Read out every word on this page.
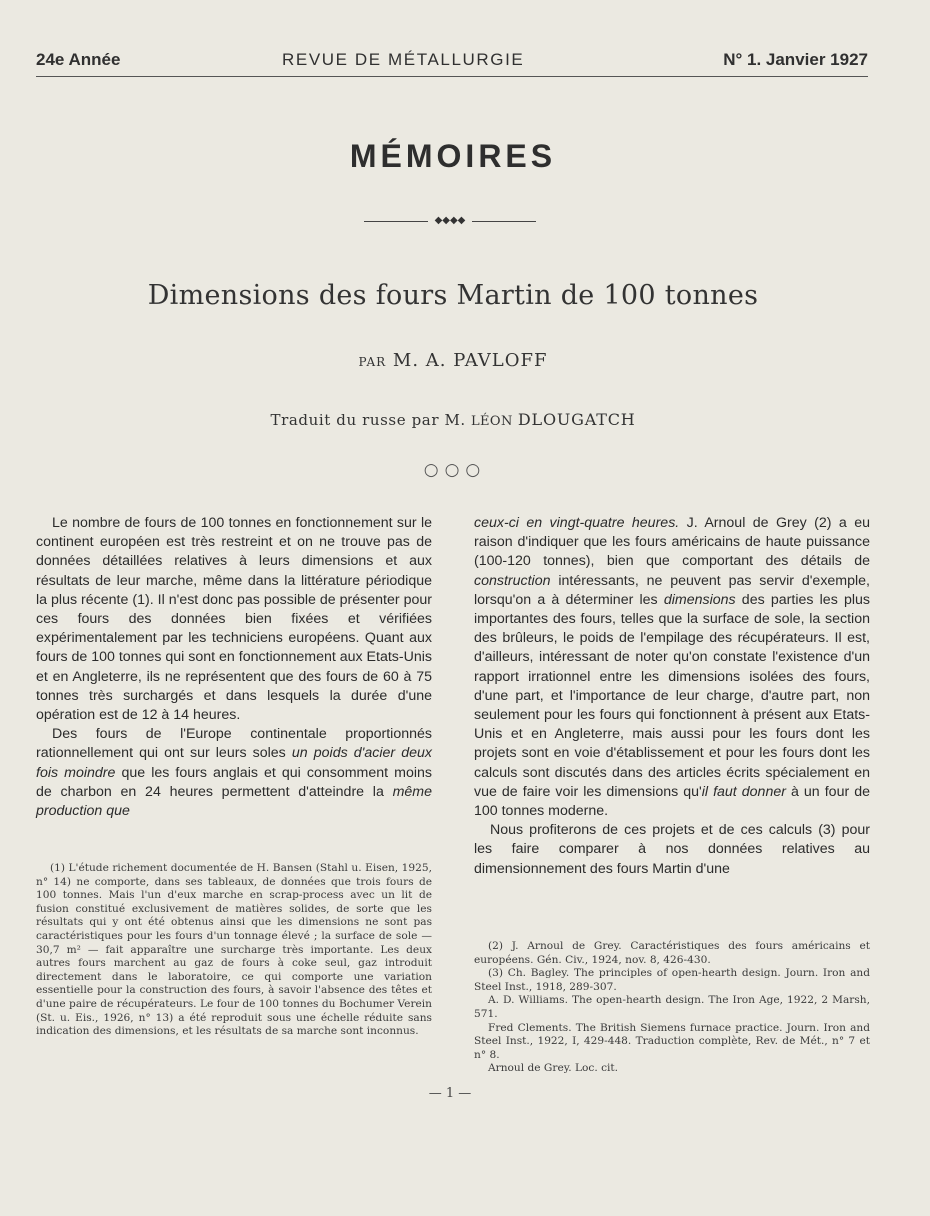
24e Année	REVUE DE MÉTALLURGIE	N° 1. Janvier 1927
MÉMOIRES
◆◆◆◆
Dimensions des fours Martin de 100 tonnes
PAR M. A. PAVLOFF
Traduit du russe par M. LÉON DLOUGATCH
○○○

Le nombre de fours de 100 tonnes en fonctionnement sur le continent européen est très restreint et on ne trouve pas de données détaillées relatives à leurs dimensions et aux résultats de leur marche, même dans la littérature périodique la plus récente (1). Il n'est donc pas possible de présenter pour ces fours des données bien fixées et vérifiées expérimentalement par les techniciens européens. Quant aux fours de 100 tonnes qui sont en fonctionnement aux Etats-Unis et en Angleterre, ils ne représentent que des fours de 60 à 75 tonnes très surchargés et dans lesquels la durée d'une opération est de 12 à 14 heures.

Des fours de l'Europe continentale proportionnés rationnellement qui ont sur leurs soles un poids d'acier deux fois moindre que les fours anglais et qui consomment moins de charbon en 24 heures permettent d'atteindre la même production que

ceux-ci en vingt-quatre heures. J. Arnoul de Grey (2) a eu raison d'indiquer que les fours américains de haute puissance (100-120 tonnes), bien que comportant des détails de construction intéressants, ne peuvent pas servir d'exemple, lorsqu'on a à déterminer les dimensions des parties les plus importantes des fours, telles que la surface de sole, la section des brûleurs, le poids de l'empilage des récupérateurs. Il est, d'ailleurs, intéressant de noter qu'on constate l'existence d'un rapport irrationnel entre les dimensions isolées des fours, d'une part, et l'importance de leur charge, d'autre part, non seulement pour les fours qui fonctionnent à présent aux Etats-Unis et en Angleterre, mais aussi pour les fours dont les projets sont en voie d'établissement et pour les fours dont les calculs sont discutés dans des articles écrits spécialement en vue de faire voir les dimensions qu'il faut donner à un four de 100 tonnes moderne.

Nous profiterons de ces projets et de ces calculs (3) pour les faire comparer à nos données relatives au dimensionnement des fours Martin d'une

(1) L'étude richement documentée de H. Bansen (Stahl u. Eisen, 1925, n° 14) ne comporte, dans ses tableaux, de données que trois fours de 100 tonnes. Mais l'un d'eux marche en scrap-process avec un lit de fusion constitué exclusivement de matières solides, de sorte que les résultats qui y ont été obtenus ainsi que les dimensions ne sont pas caractéristiques pour les fours d'un tonnage élevé ; la surface de sole — 30,7 m² — fait apparaître une surcharge très importante. Les deux autres fours marchent au gaz de fours à coke seul, gaz introduit directement dans le laboratoire, ce qui comporte une variation essentielle pour la construction des fours, à savoir l'absence des têtes et d'une paire de récupérateurs. Le four de 100 tonnes du Bochumer Verein (St. u. Eis., 1926, n° 13) a été reproduit sous une échelle réduite sans indication des dimensions, et les résultats de sa marche sont inconnus.

(2) J. Arnoul de Grey. Caractéristiques des fours américains et européens. Gén. Civ., 1924, nov. 8, 426-430.

(3) Ch. Bagley. The principles of open-hearth design. Journ. Iron and Steel Inst., 1918, 289-307.

A. D. Williams. The open-hearth design. The Iron Age, 1922, 2 Marsh, 571.

Fred Clements. The British Siemens furnace practice. Journ. Iron and Steel Inst., 1922, I, 429-448. Traduction complète, Rev. de Mét., n° 7 et n° 8.

Arnoul de Grey. Loc. cit.

— 1 —
